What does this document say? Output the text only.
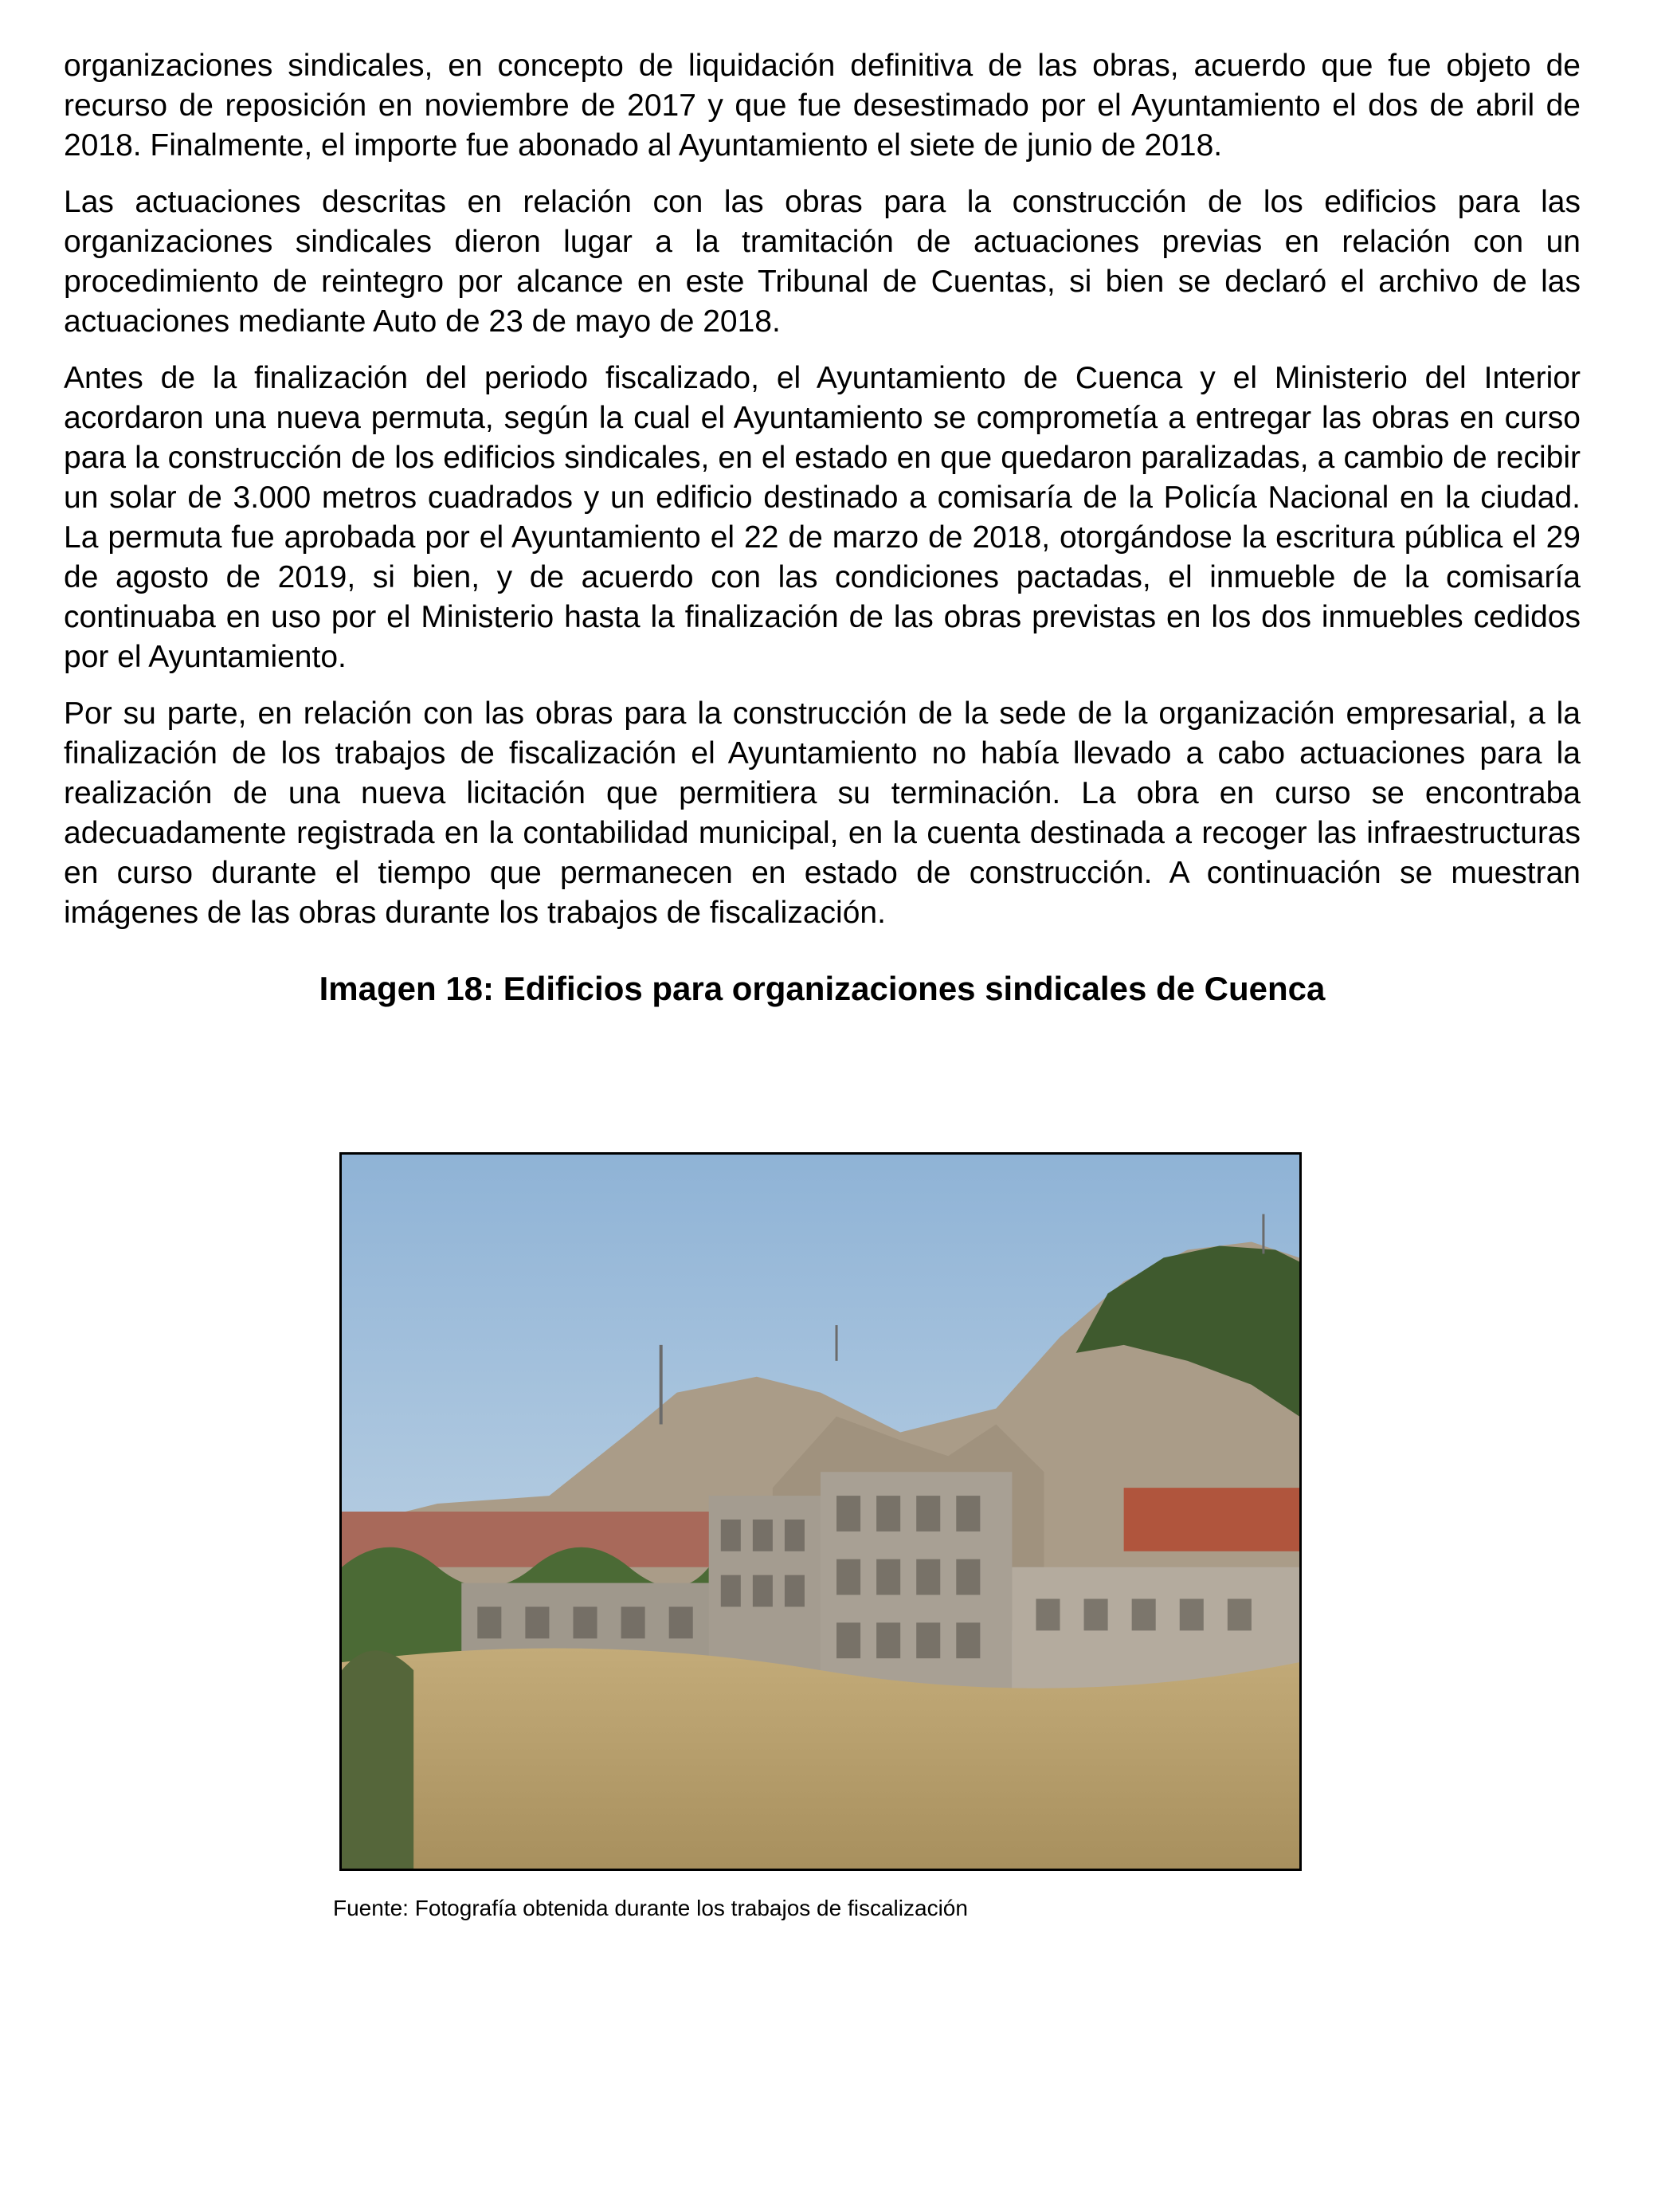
organizaciones sindicales, en concepto de liquidación definitiva de las obras, acuerdo que fue objeto de recurso de reposición en noviembre de 2017 y que fue desestimado por el Ayuntamiento el dos de abril de 2018. Finalmente, el importe fue abonado al Ayuntamiento el siete de junio de 2018.

Las actuaciones descritas en relación con las obras para la construcción de los edificios para las organizaciones sindicales dieron lugar a la tramitación de actuaciones previas en relación con un procedimiento de reintegro por alcance en este Tribunal de Cuentas, si bien se declaró el archivo de las actuaciones mediante Auto de 23 de mayo de 2018.

Antes de la finalización del periodo fiscalizado, el Ayuntamiento de Cuenca y el Ministerio del Interior acordaron una nueva permuta, según la cual el Ayuntamiento se comprometía a entregar las obras en curso para la construcción de los edificios sindicales, en el estado en que quedaron paralizadas, a cambio de recibir un solar de 3.000 metros cuadrados y un edificio destinado a comisaría de la Policía Nacional en la ciudad. La permuta fue aprobada por el Ayuntamiento el 22 de marzo de 2018, otorgándose la escritura pública el 29 de agosto de 2019, si bien, y de acuerdo con las condiciones pactadas, el inmueble de la comisaría continuaba en uso por el Ministerio hasta la finalización de las obras previstas en los dos inmuebles cedidos por el Ayuntamiento.

Por su parte, en relación con las obras para la construcción de la sede de la organización empresarial, a la finalización de los trabajos de fiscalización el Ayuntamiento no había llevado a cabo actuaciones para la realización de una nueva licitación que permitiera su terminación. La obra en curso se encontraba adecuadamente registrada en la contabilidad municipal, en la cuenta destinada a recoger las infraestructuras en curso durante el tiempo que permanecen en estado de construcción. A continuación se muestran imágenes de las obras durante los trabajos de fiscalización.

Imagen 18: Edificios para organizaciones sindicales de Cuenca
Fuente: Fotografía obtenida durante los trabajos de fiscalización
